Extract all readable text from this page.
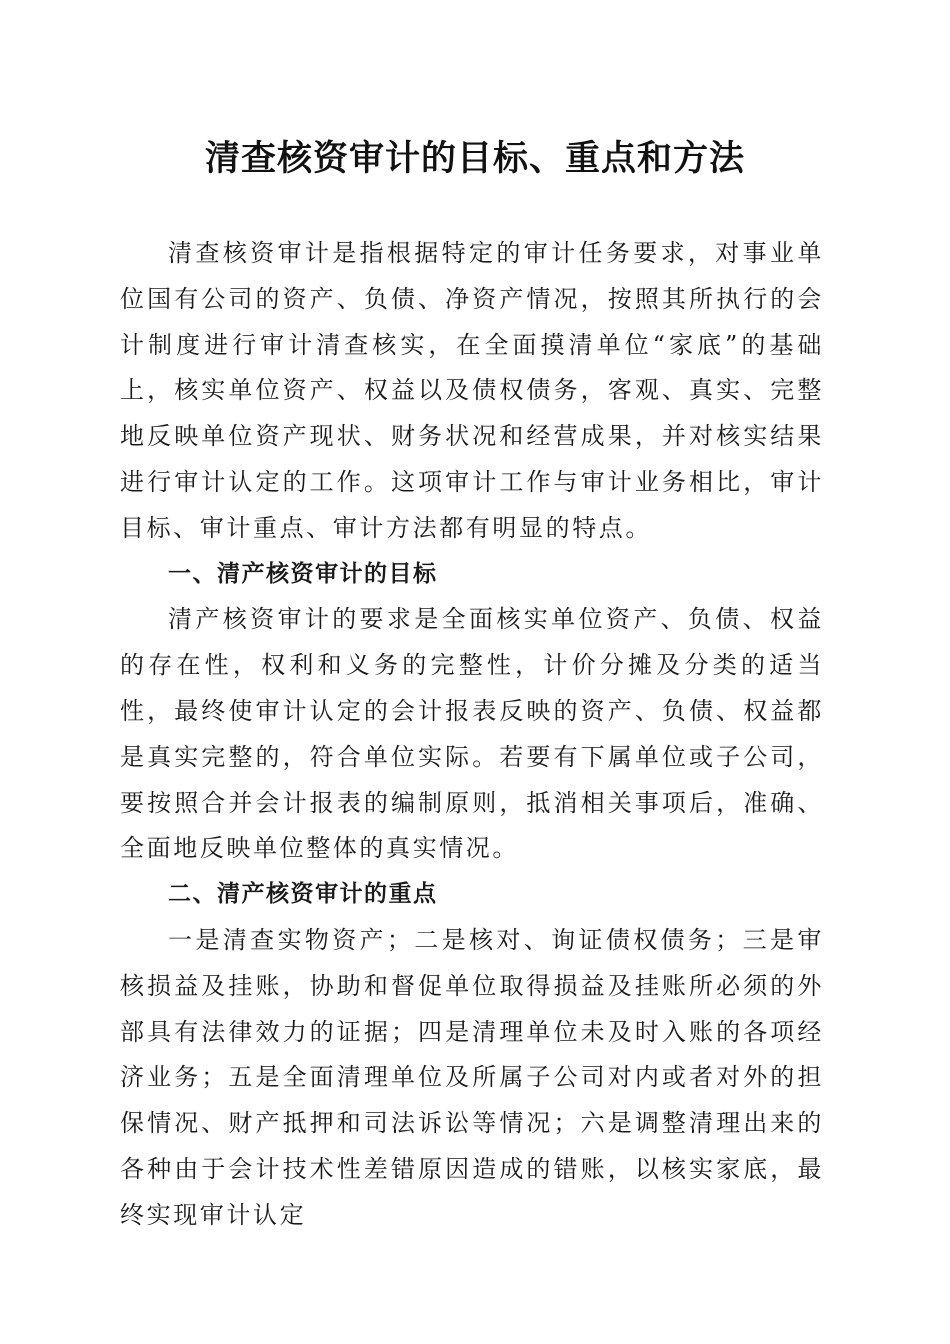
清查核资审计的目标、重点和方法

清查核资审计是指根据特定的审计任务要求，对事业单位国有公司的资产、负债、净资产情况，按照其所执行的会计制度进行审计清查核实，在全面摸清单位“家底”的基础上，核实单位资产、权益以及债权债务，客观、真实、完整地反映单位资产现状、财务状况和经营成果，并对核实结果进行审计认定的工作。这项审计工作与审计业务相比，审计目标、审计重点、审计方法都有明显的特点。

一、清产核资审计的目标

清产核资审计的要求是全面核实单位资产、负债、权益的存在性，权利和义务的完整性，计价分摊及分类的适当性，最终使审计认定的会计报表反映的资产、负债、权益都是真实完整的，符合单位实际。若要有下属单位或子公司，要按照合并会计报表的编制原则，抵消相关事项后，准确、全面地反映单位整体的真实情况。

二、清产核资审计的重点

一是清查实物资产；二是核对、询证债权债务；三是审核损益及挂账，协助和督促单位取得损益及挂账所必须的外部具有法律效力的证据；四是清理单位未及时入账的各项经济业务；五是全面清理单位及所属子公司对内或者对外的担保情况、财产抵押和司法诉讼等情况；六是调整清理出来的各种由于会计技术性差错原因造成的错账，以核实家底，最终实现审计认定
